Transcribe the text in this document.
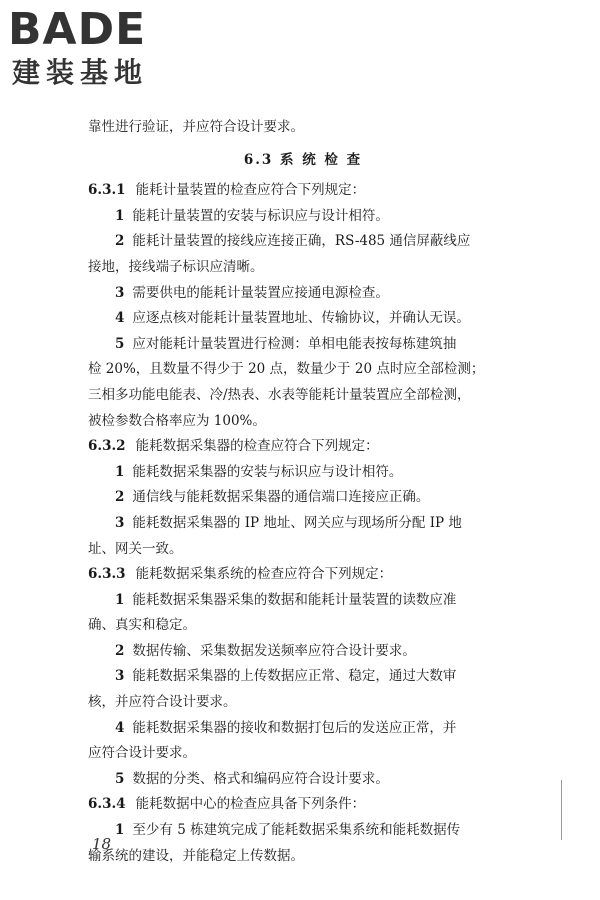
BADE
建装基地
靠性进行验证，并应符合设计要求。
6.3 系 统 检 查
6.3.1 能耗计量装置的检查应符合下列规定：
1 能耗计量装置的安装与标识应与设计相符。
2 能耗计量装置的接线应连接正确，RS-485 通信屏蔽线应
接地，接线端子标识应清晰。
3 需要供电的能耗计量装置应接通电源检查。
4 应逐点核对能耗计量装置地址、传输协议，并确认无误。
5 应对能耗计量装置进行检测：单相电能表按每栋建筑抽
检 20%，且数量不得少于 20 点，数量少于 20 点时应全部检测；
三相多功能电能表、冷/热表、水表等能耗计量装置应全部检测，
被检参数合格率应为 100%。
6.3.2 能耗数据采集器的检查应符合下列规定：
1 能耗数据采集器的安装与标识应与设计相符。
2 通信线与能耗数据采集器的通信端口连接应正确。
3 能耗数据采集器的 IP 地址、网关应与现场所分配 IP 地
址、网关一致。
6.3.3 能耗数据采集系统的检查应符合下列规定：
1 能耗数据采集器采集的数据和能耗计量装置的读数应准
确、真实和稳定。
2 数据传输、采集数据发送频率应符合设计要求。
3 能耗数据采集器的上传数据应正常、稳定，通过大数审
核，并应符合设计要求。
4 能耗数据采集器的接收和数据打包后的发送应正常，并
应符合设计要求。
5 数据的分类、格式和编码应符合设计要求。
6.3.4 能耗数据中心的检查应具备下列条件：
1 至少有 5 栋建筑完成了能耗数据采集系统和能耗数据传
输系统的建设，并能稳定上传数据。
18
